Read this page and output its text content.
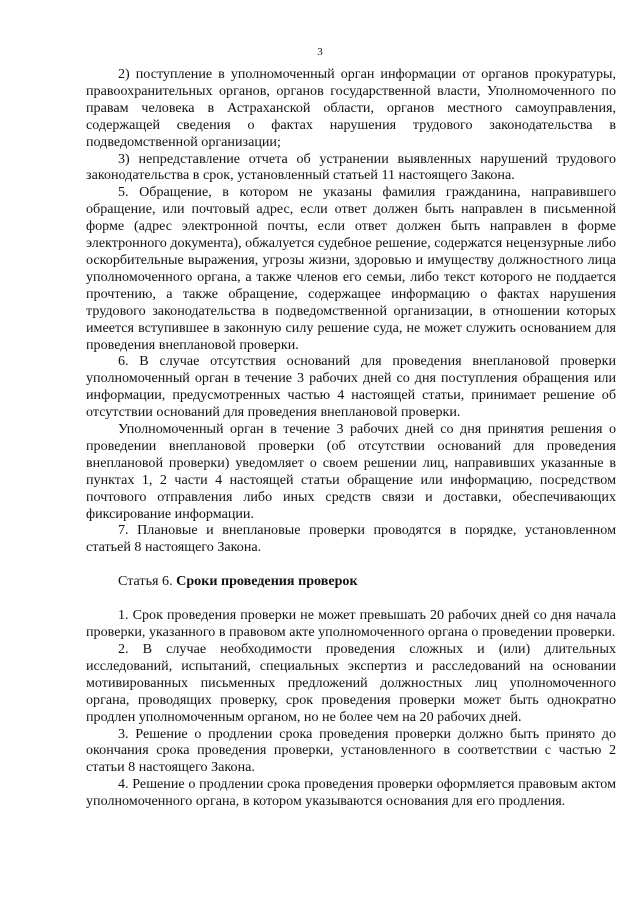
3

2) поступление в уполномоченный орган информации от органов прокуратуры, правоохранительных органов, органов государственной власти, Уполномоченного по правам человека в Астраханской области, органов местного самоуправления, содержащей сведения о фактах нарушения трудового законодательства в подведомственной организации;

3) непредставление отчета об устранении выявленных нарушений трудового законодательства в срок, установленный статьей 11 настоящего Закона.

5. Обращение, в котором не указаны фамилия гражданина, направившего обращение, или почтовый адрес, если ответ должен быть направлен в письменной форме (адрес электронной почты, если ответ должен быть направлен в форме электронного документа), обжалуется судебное решение, содержатся нецензурные либо оскорбительные выражения, угрозы жизни, здоровью и имуществу должностного лица уполномоченного органа, а также членов его семьи, либо текст которого не поддается прочтению, а также обращение, содержащее информацию о фактах нарушения трудового законодательства в подведомственной организации, в отношении которых имеется вступившее в законную силу решение суда, не может служить основанием для проведения внеплановой проверки.

6. В случае отсутствия оснований для проведения внеплановой проверки уполномоченный орган в течение 3 рабочих дней со дня поступления обращения или информации, предусмотренных частью 4 настоящей статьи, принимает решение об отсутствии оснований для проведения внеплановой проверки.

Уполномоченный орган в течение 3 рабочих дней со дня принятия решения о проведении внеплановой проверки (об отсутствии оснований для проведения внеплановой проверки) уведомляет о своем решении лиц, направивших указанные в пунктах 1, 2 части 4 настоящей статьи обращение или информацию, посредством почтового отправления либо иных средств связи и доставки, обеспечивающих фиксирование информации.

7. Плановые и внеплановые проверки проводятся в порядке, установленном статьей 8 настоящего Закона.

Статья 6. Сроки проведения проверок

1. Срок проведения проверки не может превышать 20 рабочих дней со дня начала проверки, указанного в правовом акте уполномоченного органа о проведении проверки.

2. В случае необходимости проведения сложных и (или) длительных исследований, испытаний, специальных экспертиз и расследований на основании мотивированных письменных предложений должностных лиц уполномоченного органа, проводящих проверку, срок проведения проверки может быть однократно продлен уполномоченным органом, но не более чем на 20 рабочих дней.

3. Решение о продлении срока проведения проверки должно быть принято до окончания срока проведения проверки, установленного в соответствии с частью 2 статьи 8 настоящего Закона.

4. Решение о продлении срока проведения проверки оформляется правовым актом уполномоченного органа, в котором указываются основания для его продления.
